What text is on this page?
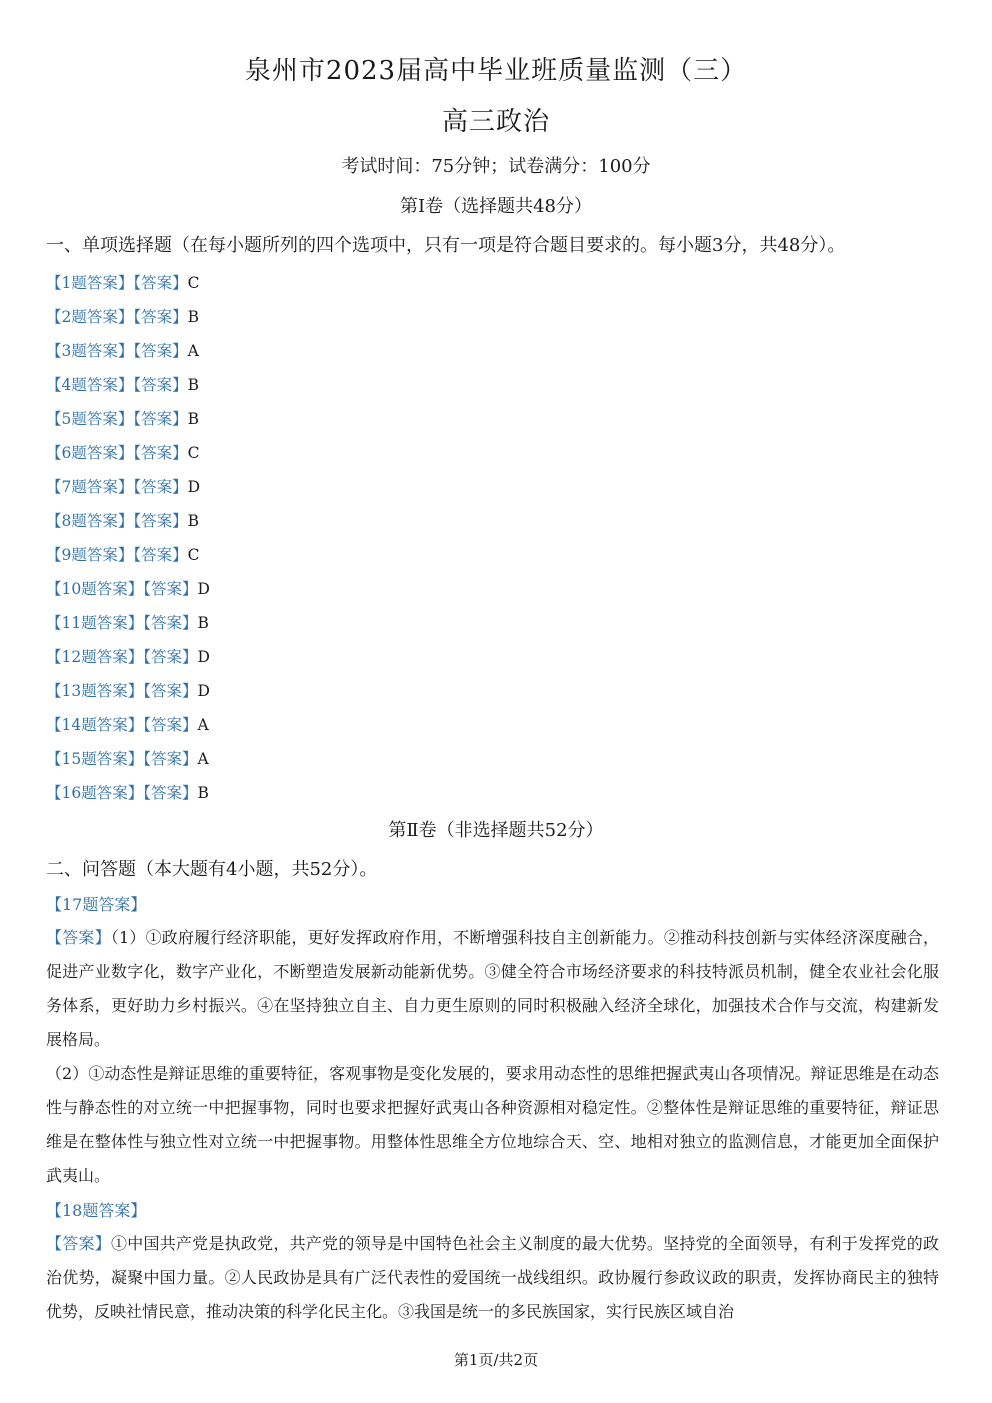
泉州市2023届高中毕业班质量监测（三）
高三政治
考试时间：75分钟；试卷满分：100分
第Ⅰ卷（选择题共48分）
一、单项选择题（在每小题所列的四个选项中，只有一项是符合题目要求的。每小题3分，共48分）。
【1题答案】【答案】C
【2题答案】【答案】B
【3题答案】【答案】A
【4题答案】【答案】B
【5题答案】【答案】B
【6题答案】【答案】C
【7题答案】【答案】D
【8题答案】【答案】B
【9题答案】【答案】C
【10题答案】【答案】D
【11题答案】【答案】B
【12题答案】【答案】D
【13题答案】【答案】D
【14题答案】【答案】A
【15题答案】【答案】A
【16题答案】【答案】B
第Ⅱ卷（非选择题共52分）
二、问答题（本大题有4小题，共52分）。
【17题答案】
【答案】（1）①政府履行经济职能，更好发挥政府作用，不断增强科技自主创新能力。②推动科技创新与实体经济深度融合，促进产业数字化，数字产业化，不断塑造发展新动能新优势。③健全符合市场经济要求的科技特派员机制，健全农业社会化服务体系，更好助力乡村振兴。④在坚持独立自主、自力更生原则的同时积极融入经济全球化，加强技术合作与交流，构建新发展格局。
（2）①动态性是辩证思维的重要特征，客观事物是变化发展的，要求用动态性的思维把握武夷山各项情况。辩证思维是在动态性与静态性的对立统一中把握事物，同时也要求把握好武夷山各种资源相对稳定性。②整体性是辩证思维的重要特征，辩证思维是在整体性与独立性对立统一中把握事物。用整体性思维全方位地综合天、空、地相对独立的监测信息，才能更加全面保护武夷山。
【18题答案】
【答案】①中国共产党是执政党，共产党的领导是中国特色社会主义制度的最大优势。坚持党的全面领导，有利于发挥党的政治优势，凝聚中国力量。②人民政协是具有广泛代表性的爱国统一战线组织。政协履行参政议政的职责，发挥协商民主的独特优势，反映社情民意，推动决策的科学化民主化。③我国是统一的多民族国家，实行民族区域自治
第1页/共2页
